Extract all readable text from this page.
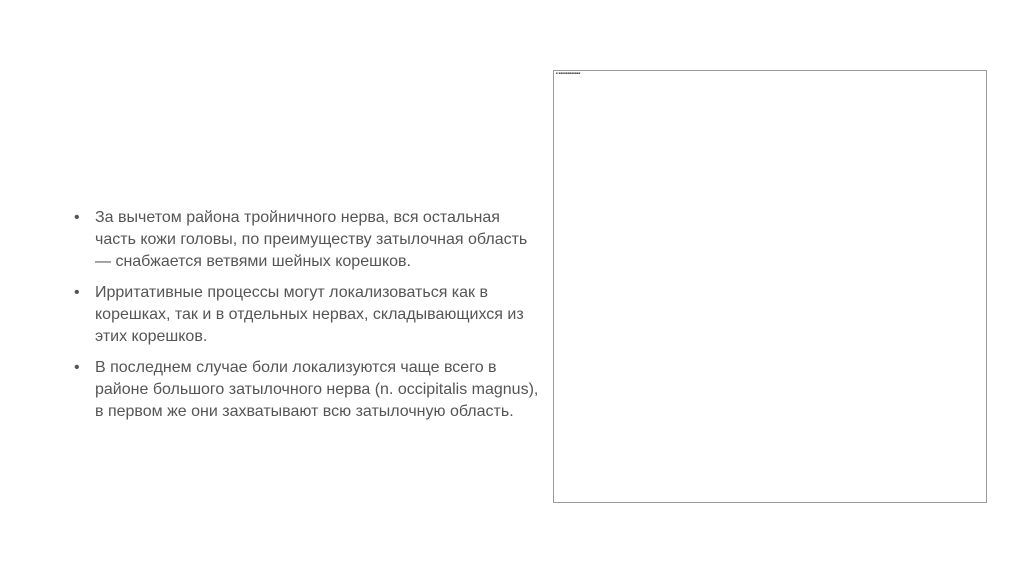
• За вычетом района тройничного нерва, вся остальная часть кожи головы, по преимуществу затылочная область — снабжается ветвями шейных корешков.
• Ирритативные процессы могут локализоваться как в корешках, так и в отдельных нервах, складывающихся из этих корешков.
• В последнем случае боли локализуются чаще всего в районе большого затылочного нерва (n. occipitalis magnus), в первом же они захватывают всю затылочную область.
■ ■■■■■■■■■■■■
